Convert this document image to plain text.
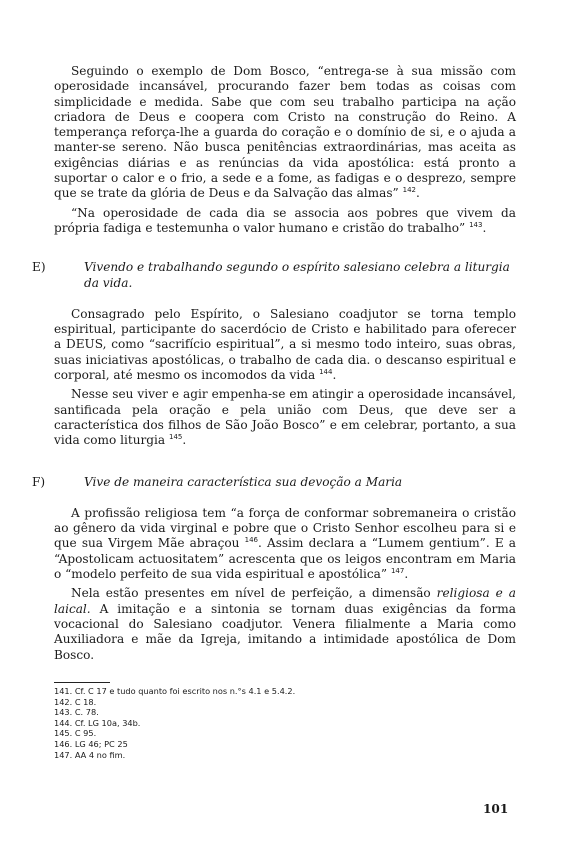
Seguindo o exemplo de Dom Bosco, “entrega-se à sua missão com operosidade incansável, procurando fazer bem todas as coisas com simplicidade e medida. Sabe que com seu trabalho participa na ação criadora de Deus e coopera com Cristo na construção do Reino. A temperança reforça-lhe a guarda do coração e o domínio de si, e o ajuda a manter-se sereno. Não busca penitências extraordinárias, mas aceita as exigências diárias e as renúncias da vida apostólica: está pronto a suportar o calor e o frio, a sede e a fome, as fadigas e o desprezo, sempre que se trate da glória de Deus e da Salvação das almas” $^{142}$.

“Na operosidade de cada dia se associa aos pobres que vivem da própria fadiga e testemunha o valor humano e cristão do trabalho” $^{143}$.

E)	Vivendo e trabalhando segundo o espírito salesiano celebra a liturgia da vida.

Consagrado pelo Espírito, o Salesiano coadjutor se torna templo espiritual, participante do sacerdócio de Cristo e habilitado para oferecer a DEUS, como “sacrifício espiritual”, a si mesmo todo inteiro, suas obras, suas iniciativas apostólicas, o trabalho de cada dia. o descanso espiritual e corporal, até mesmo os incomodos da vida $^{144}$.

Nesse seu viver e agir empenha-se em atingir a operosidade incansável, santificada pela oração e pela união com Deus, que deve ser a característica dos filhos de São João Bosco” e em celebrar, portanto, a sua vida como liturgia $^{145}$.

F)	Vive de maneira característica sua devoção a Maria

A profissão religiosa tem “a força de conformar sobremaneira o cristão ao gênero da vida virginal e pobre que o Cristo Senhor escolheu para si e que sua Virgem Mãe abraçou $^{146}$. Assim declara a “Lumem gentium”. E a “Apostolicam actuositatem” acrescenta que os leigos encontram em Maria o “modelo perfeito de sua vida espiritual e apostólica” $^{147}$.

Nela estão presentes em nível de perfeição, a dimensão religiosa e a laical. A imitação e a sintonia se tornam duas exigências da forma vocacional do Salesiano coadjutor. Venera filialmente a Maria como Auxiliadora e mãe da Igreja, imitando a intimidade apostólica de Dom Bosco.

141. Cf. C 17 e tudo quanto foi escrito nos n.°s 4.1 e 5.4.2.
142. C 18.
143. C. 78.
144. Cf. LG 10a, 34b.
145. C 95.
146. LG 46; PC 25
147. AA 4 no fim.
101
